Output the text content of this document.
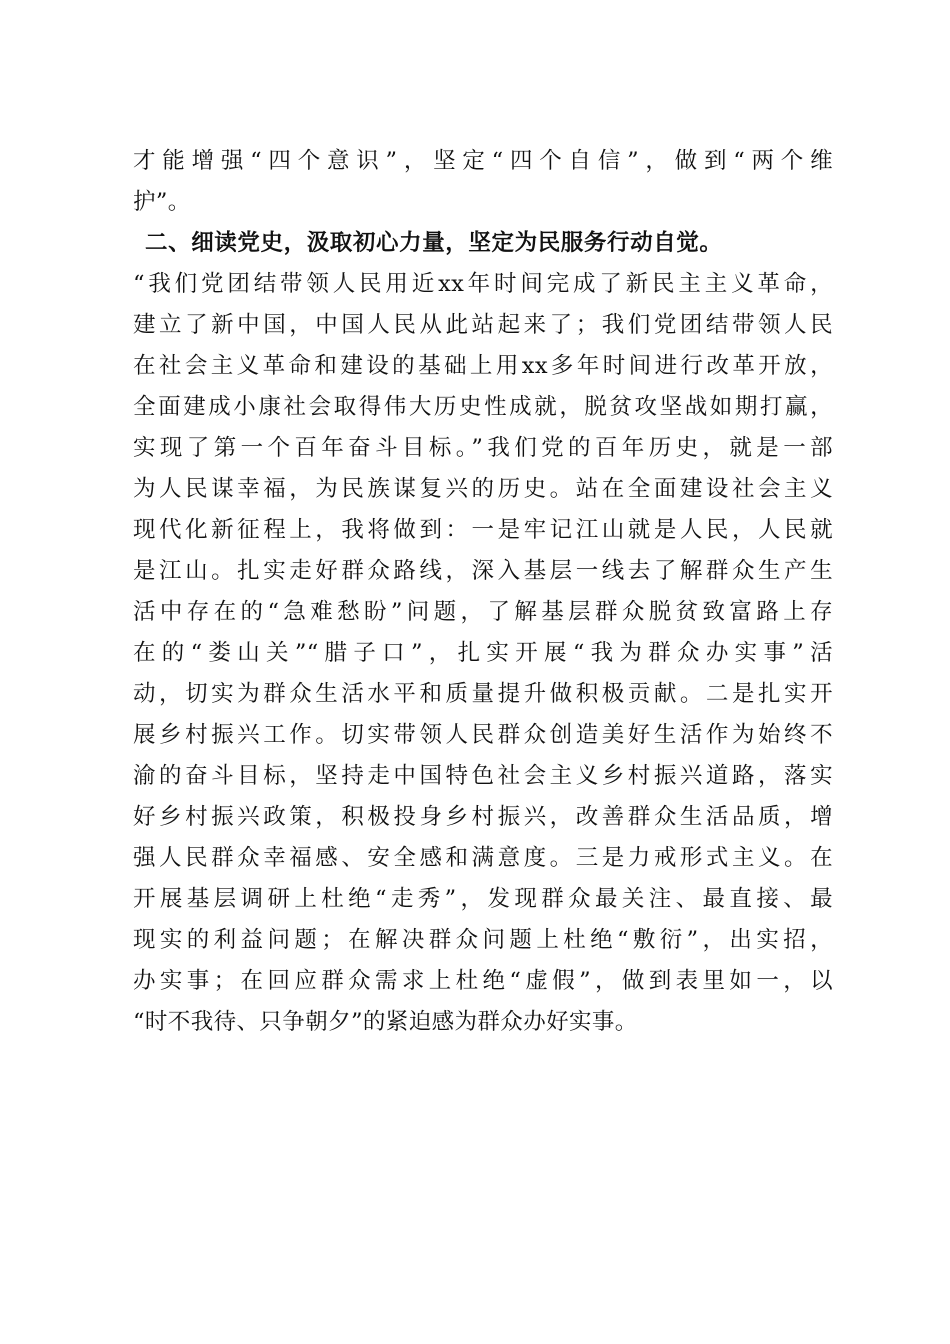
才能增强“四个意识”，坚定“四个自信”，做到“两个维
护”。
二、细读党史，汲取初心力量，坚定为民服务行动自觉。
“我们党团结带领人民用近xx年时间完成了新民主主义革命，
建立了新中国，中国人民从此站起来了；我们党团结带领人民
在社会主义革命和建设的基础上用xx多年时间进行改革开放，
全面建成小康社会取得伟大历史性成就，脱贫攻坚战如期打赢，
实现了第一个百年奋斗目标。”我们党的百年历史，就是一部
为人民谋幸福，为民族谋复兴的历史。站在全面建设社会主义
现代化新征程上，我将做到：一是牢记江山就是人民，人民就
是江山。扎实走好群众路线，深入基层一线去了解群众生产生
活中存在的“急难愁盼”问题，了解基层群众脱贫致富路上存
在的“娄山关”“腊子口”，扎实开展“我为群众办实事”活
动，切实为群众生活水平和质量提升做积极贡献。二是扎实开
展乡村振兴工作。切实带领人民群众创造美好生活作为始终不
渝的奋斗目标，坚持走中国特色社会主义乡村振兴道路，落实
好乡村振兴政策，积极投身乡村振兴，改善群众生活品质，增
强人民群众幸福感、安全感和满意度。三是力戒形式主义。在
开展基层调研上杜绝“走秀”，发现群众最关注、最直接、最
现实的利益问题；在解决群众问题上杜绝“敷衍”，出实招，
办实事；在回应群众需求上杜绝“虚假”，做到表里如一，以
“时不我待、只争朝夕”的紧迫感为群众办好实事。
